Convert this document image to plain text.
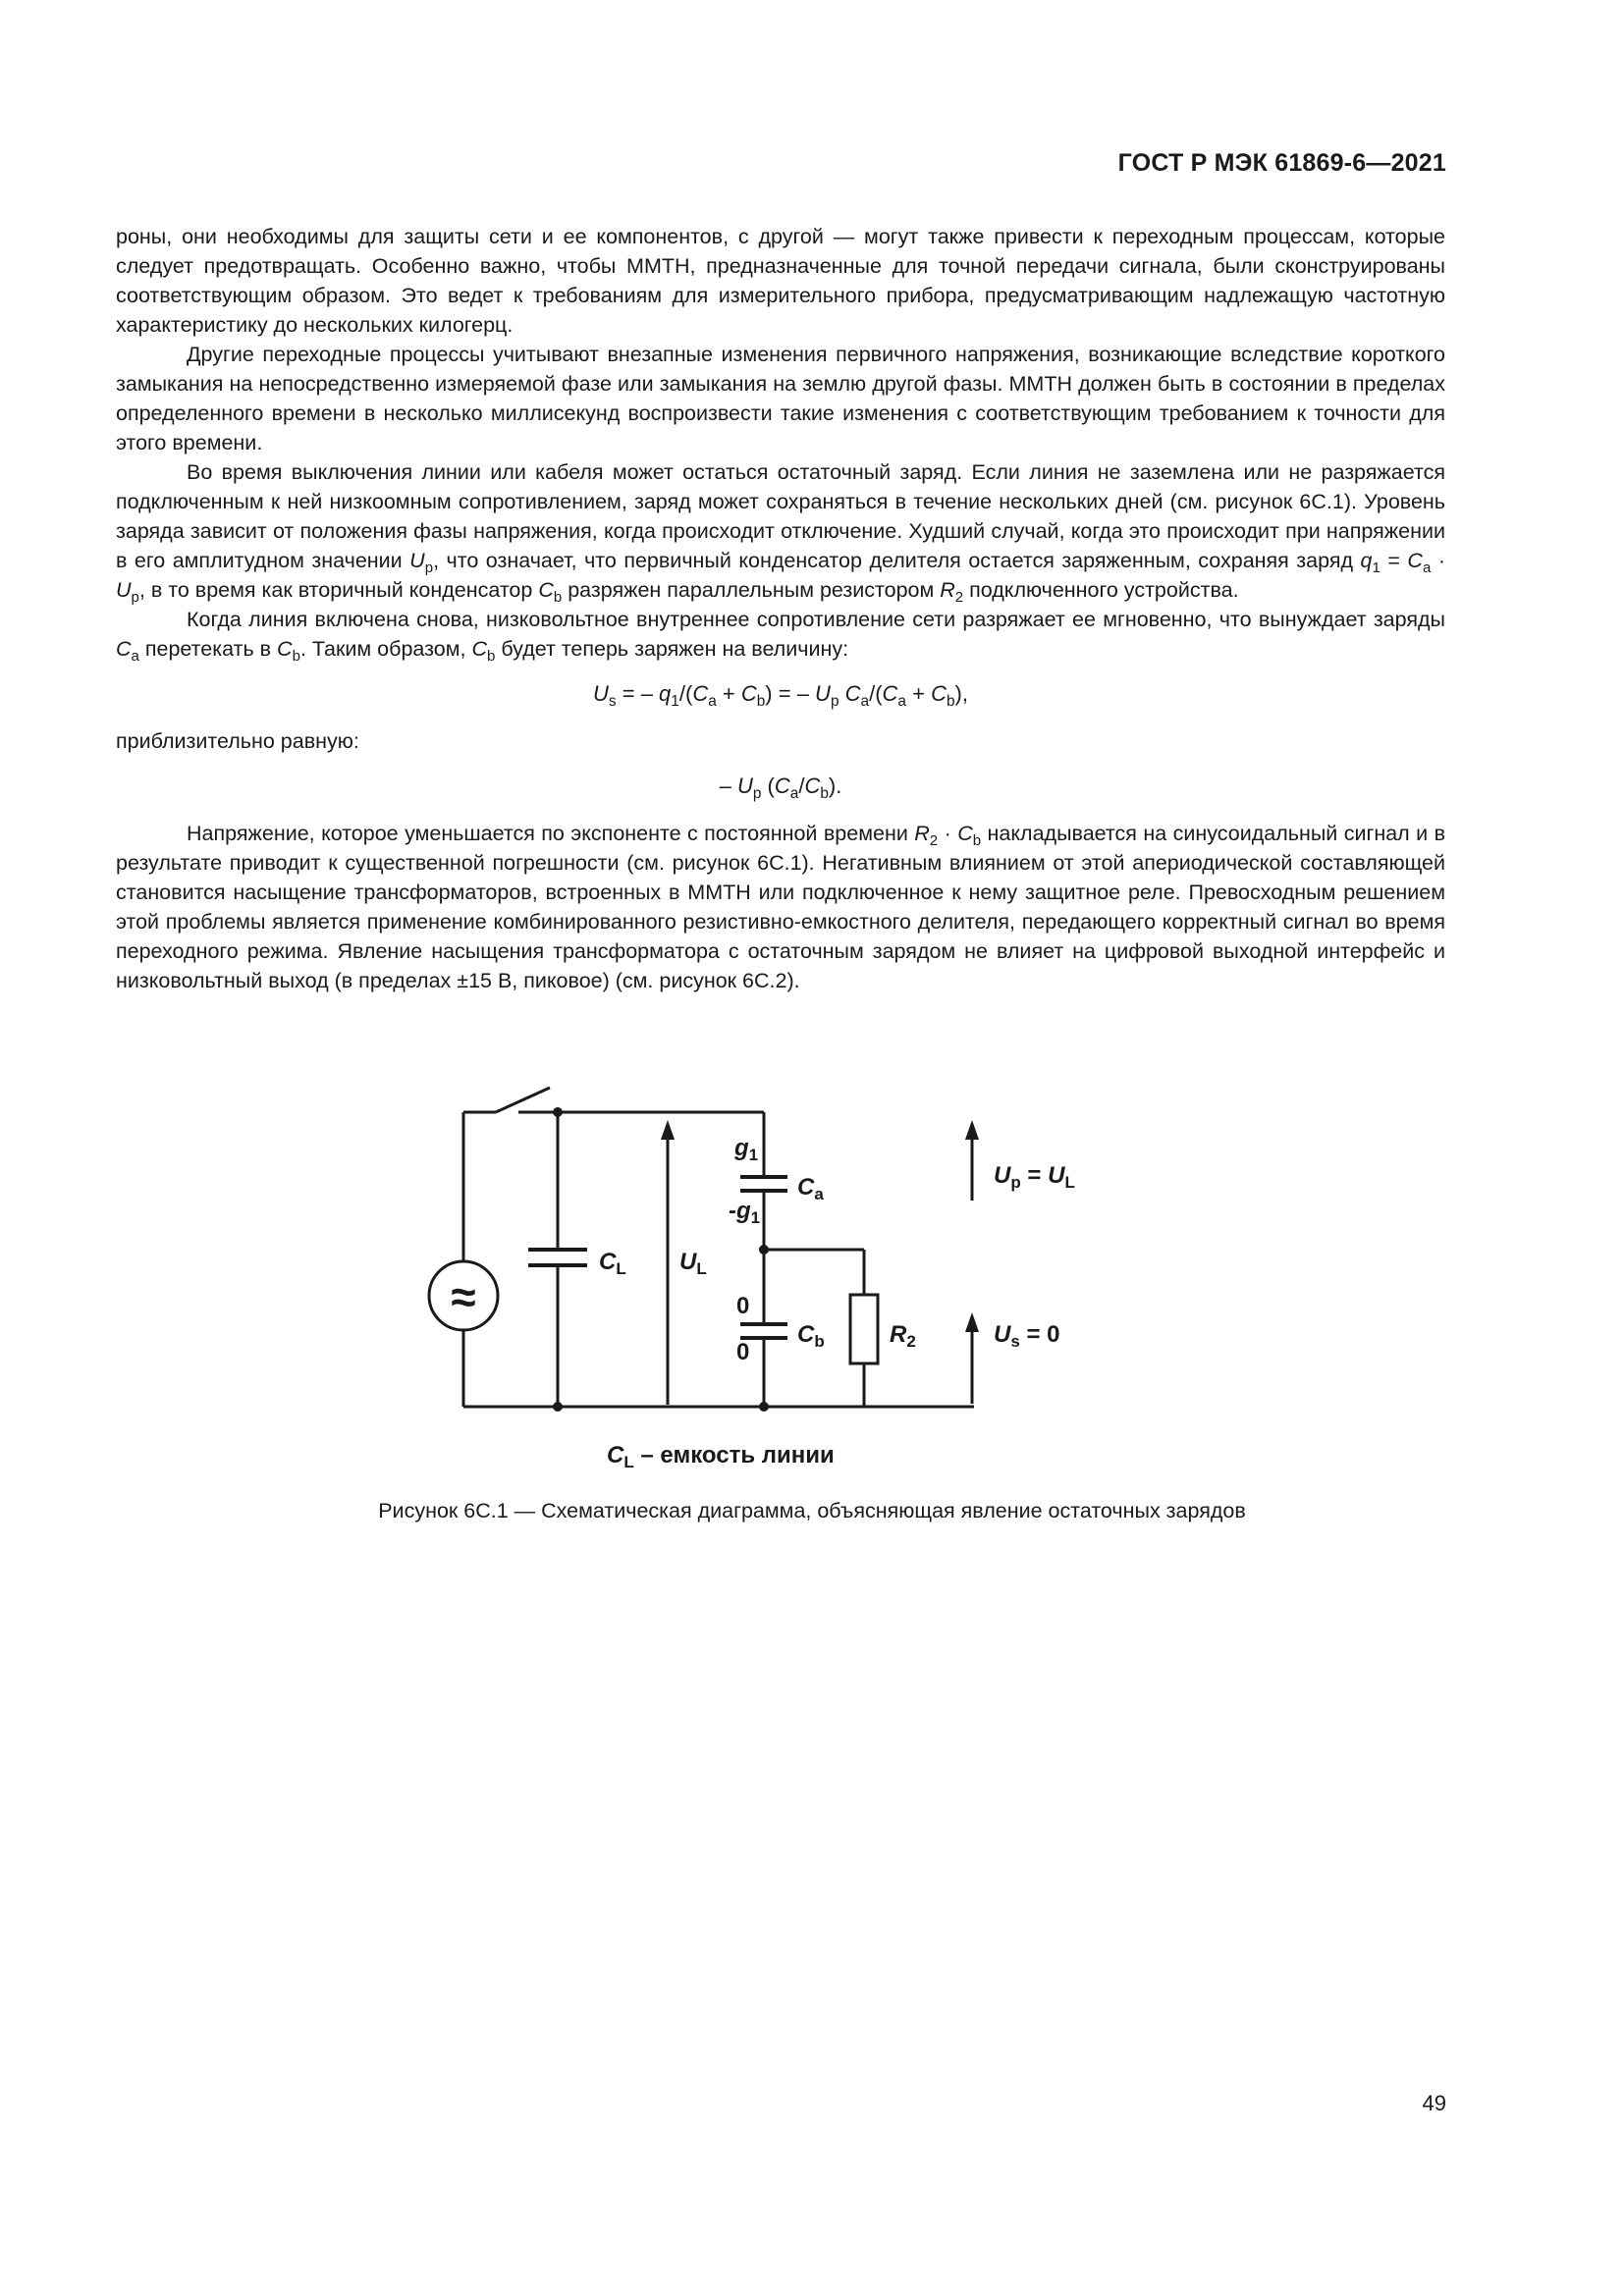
ГОСТ Р МЭК 61869-6—2021

роны, они необходимы для защиты сети и ее компонентов, с другой — могут также привести к переходным процессам, которые следует предотвращать. Особенно важно, чтобы ММТН, предназначенные для точной передачи сигнала, были сконструированы соответствующим образом. Это ведет к требованиям для измерительного прибора, предусматривающим надлежащую частотную характеристику до нескольких килогерц.

Другие переходные процессы учитывают внезапные изменения первичного напряжения, возникающие вследствие короткого замыкания на непосредственно измеряемой фазе или замыкания на землю другой фазы. ММТН должен быть в состоянии в пределах определенного времени в несколько миллисекунд воспроизвести такие изменения с соответствующим требованием к точности для этого времени.

Во время выключения линии или кабеля может остаться остаточный заряд. Если линия не заземлена или не разряжается подключенным к ней низкоомным сопротивлением, заряд может сохраняться в течение нескольких дней (см. рисунок 6С.1). Уровень заряда зависит от положения фазы напряжения, когда происходит отключение. Худший случай, когда это происходит при напряжении в его амплитудном значении $U_p$, что означает, что первичный конденсатор делителя остается заряженным, сохраняя заряд $q_1 = C_a \cdot U_p$, в то время как вторичный конденсатор $C_b$ разряжен параллельным резистором $R_2$ подключенного устройства.

Когда линия включена снова, низковольтное внутреннее сопротивление сети разряжает ее мгновенно, что вынуждает заряды $C_a$ перетекать в $C_b$. Таким образом, $C_b$ будет теперь заряжен на величину:

$U_s$ = – $q_1/(C_a + C_b)$ = – $U_p$ $C_a/(C_a + C_b)$,

приблизительно равную:

– $U_p$ $(C_a/C_b)$.

Напряжение, которое уменьшается по экспоненте с постоянной времени $R_2 \cdot C_b$ накладывается на синусоидальный сигнал и в результате приводит к существенной погрешности (см. рисунок 6С.1). Негативным влиянием от этой апериодической составляющей становится насыщение трансформаторов, встроенных в ММТН или подключенное к нему защитное реле. Превосходным решением этой проблемы является применение комбинированного резистивно-емкостного делителя, передающего корректный сигнал во время переходного режима. Явление насыщения трансформатора с остаточным зарядом не влияет на цифровой выходной интерфейс и низковольтный выход (в пределах ±15 В, пиковое) (см. рисунок 6С.2).

≈
$C_L$ $U_L$
$g_1$
$-g_1$
$C_a$
0
0
$C_b$	$R_2$
$U_p = U_L$
$U_s = 0$
$C_L$ – емкость линии
Рисунок 6С.1 — Схематическая диаграмма, объясняющая явление остаточных зарядов
49
